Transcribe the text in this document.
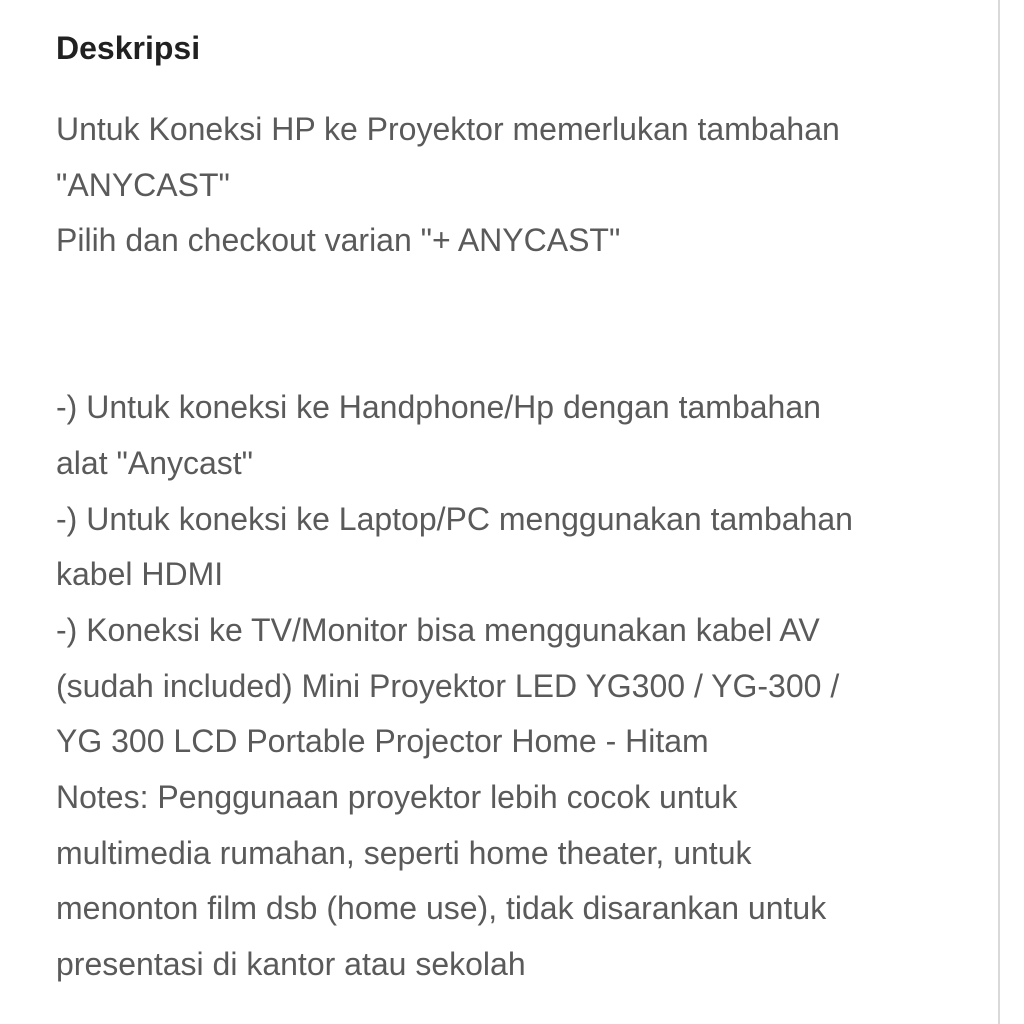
Deskripsi

Untuk Koneksi HP ke Proyektor memerlukan tambahan

"ANYCAST"

Pilih dan checkout varian "+ ANYCAST"

-) Untuk koneksi ke Handphone/Hp dengan tambahan

alat "Anycast"

-) Untuk koneksi ke Laptop/PC menggunakan tambahan

kabel HDMI

-) Koneksi ke TV/Monitor bisa menggunakan kabel AV

(sudah included) Mini Proyektor LED YG300 / YG-300 /

YG 300 LCD Portable Projector Home - Hitam

Notes: Penggunaan proyektor lebih cocok untuk

multimedia rumahan, seperti home theater, untuk

menonton film dsb (home use), tidak disarankan untuk

presentasi di kantor atau sekolah
